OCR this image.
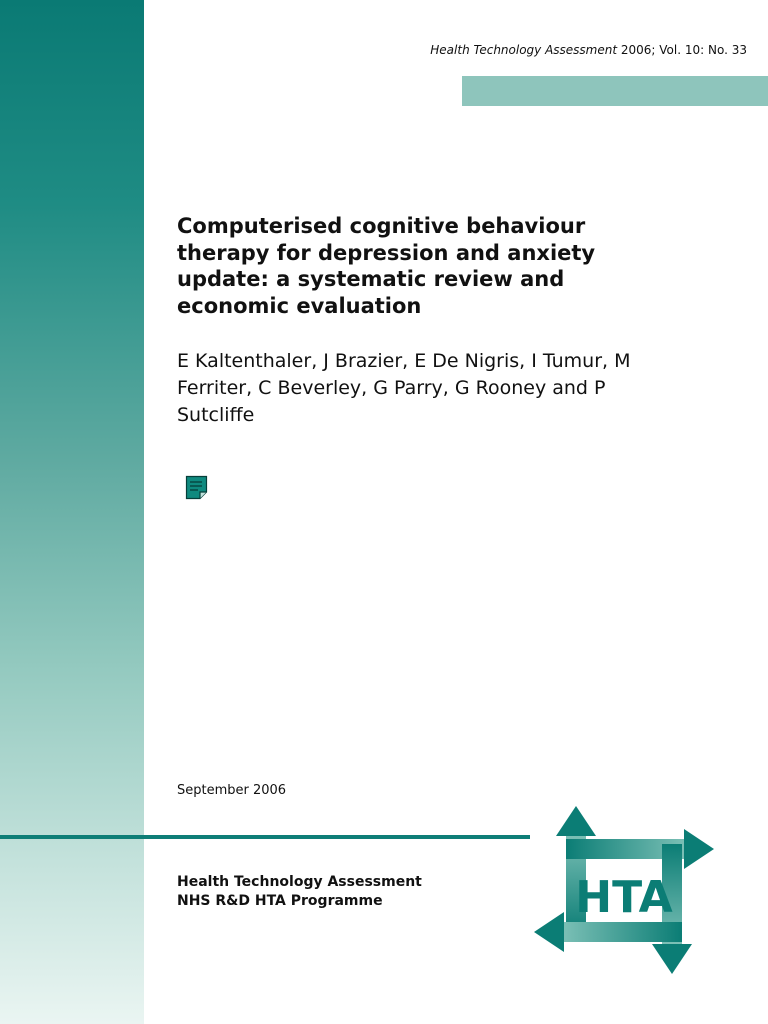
Health Technology Assessment 2006; Vol. 10: No. 33
Computerised cognitive behaviour therapy for depression and anxiety update: a systematic review and economic evaluation

E Kaltenthaler, J Brazier, E De Nigris, I Tumur, M Ferriter, C Beverley, G Parry, G Rooney and P Sutcliffe

September 2006
Health Technology Assessment
NHS R&D HTA Programme	HTA
